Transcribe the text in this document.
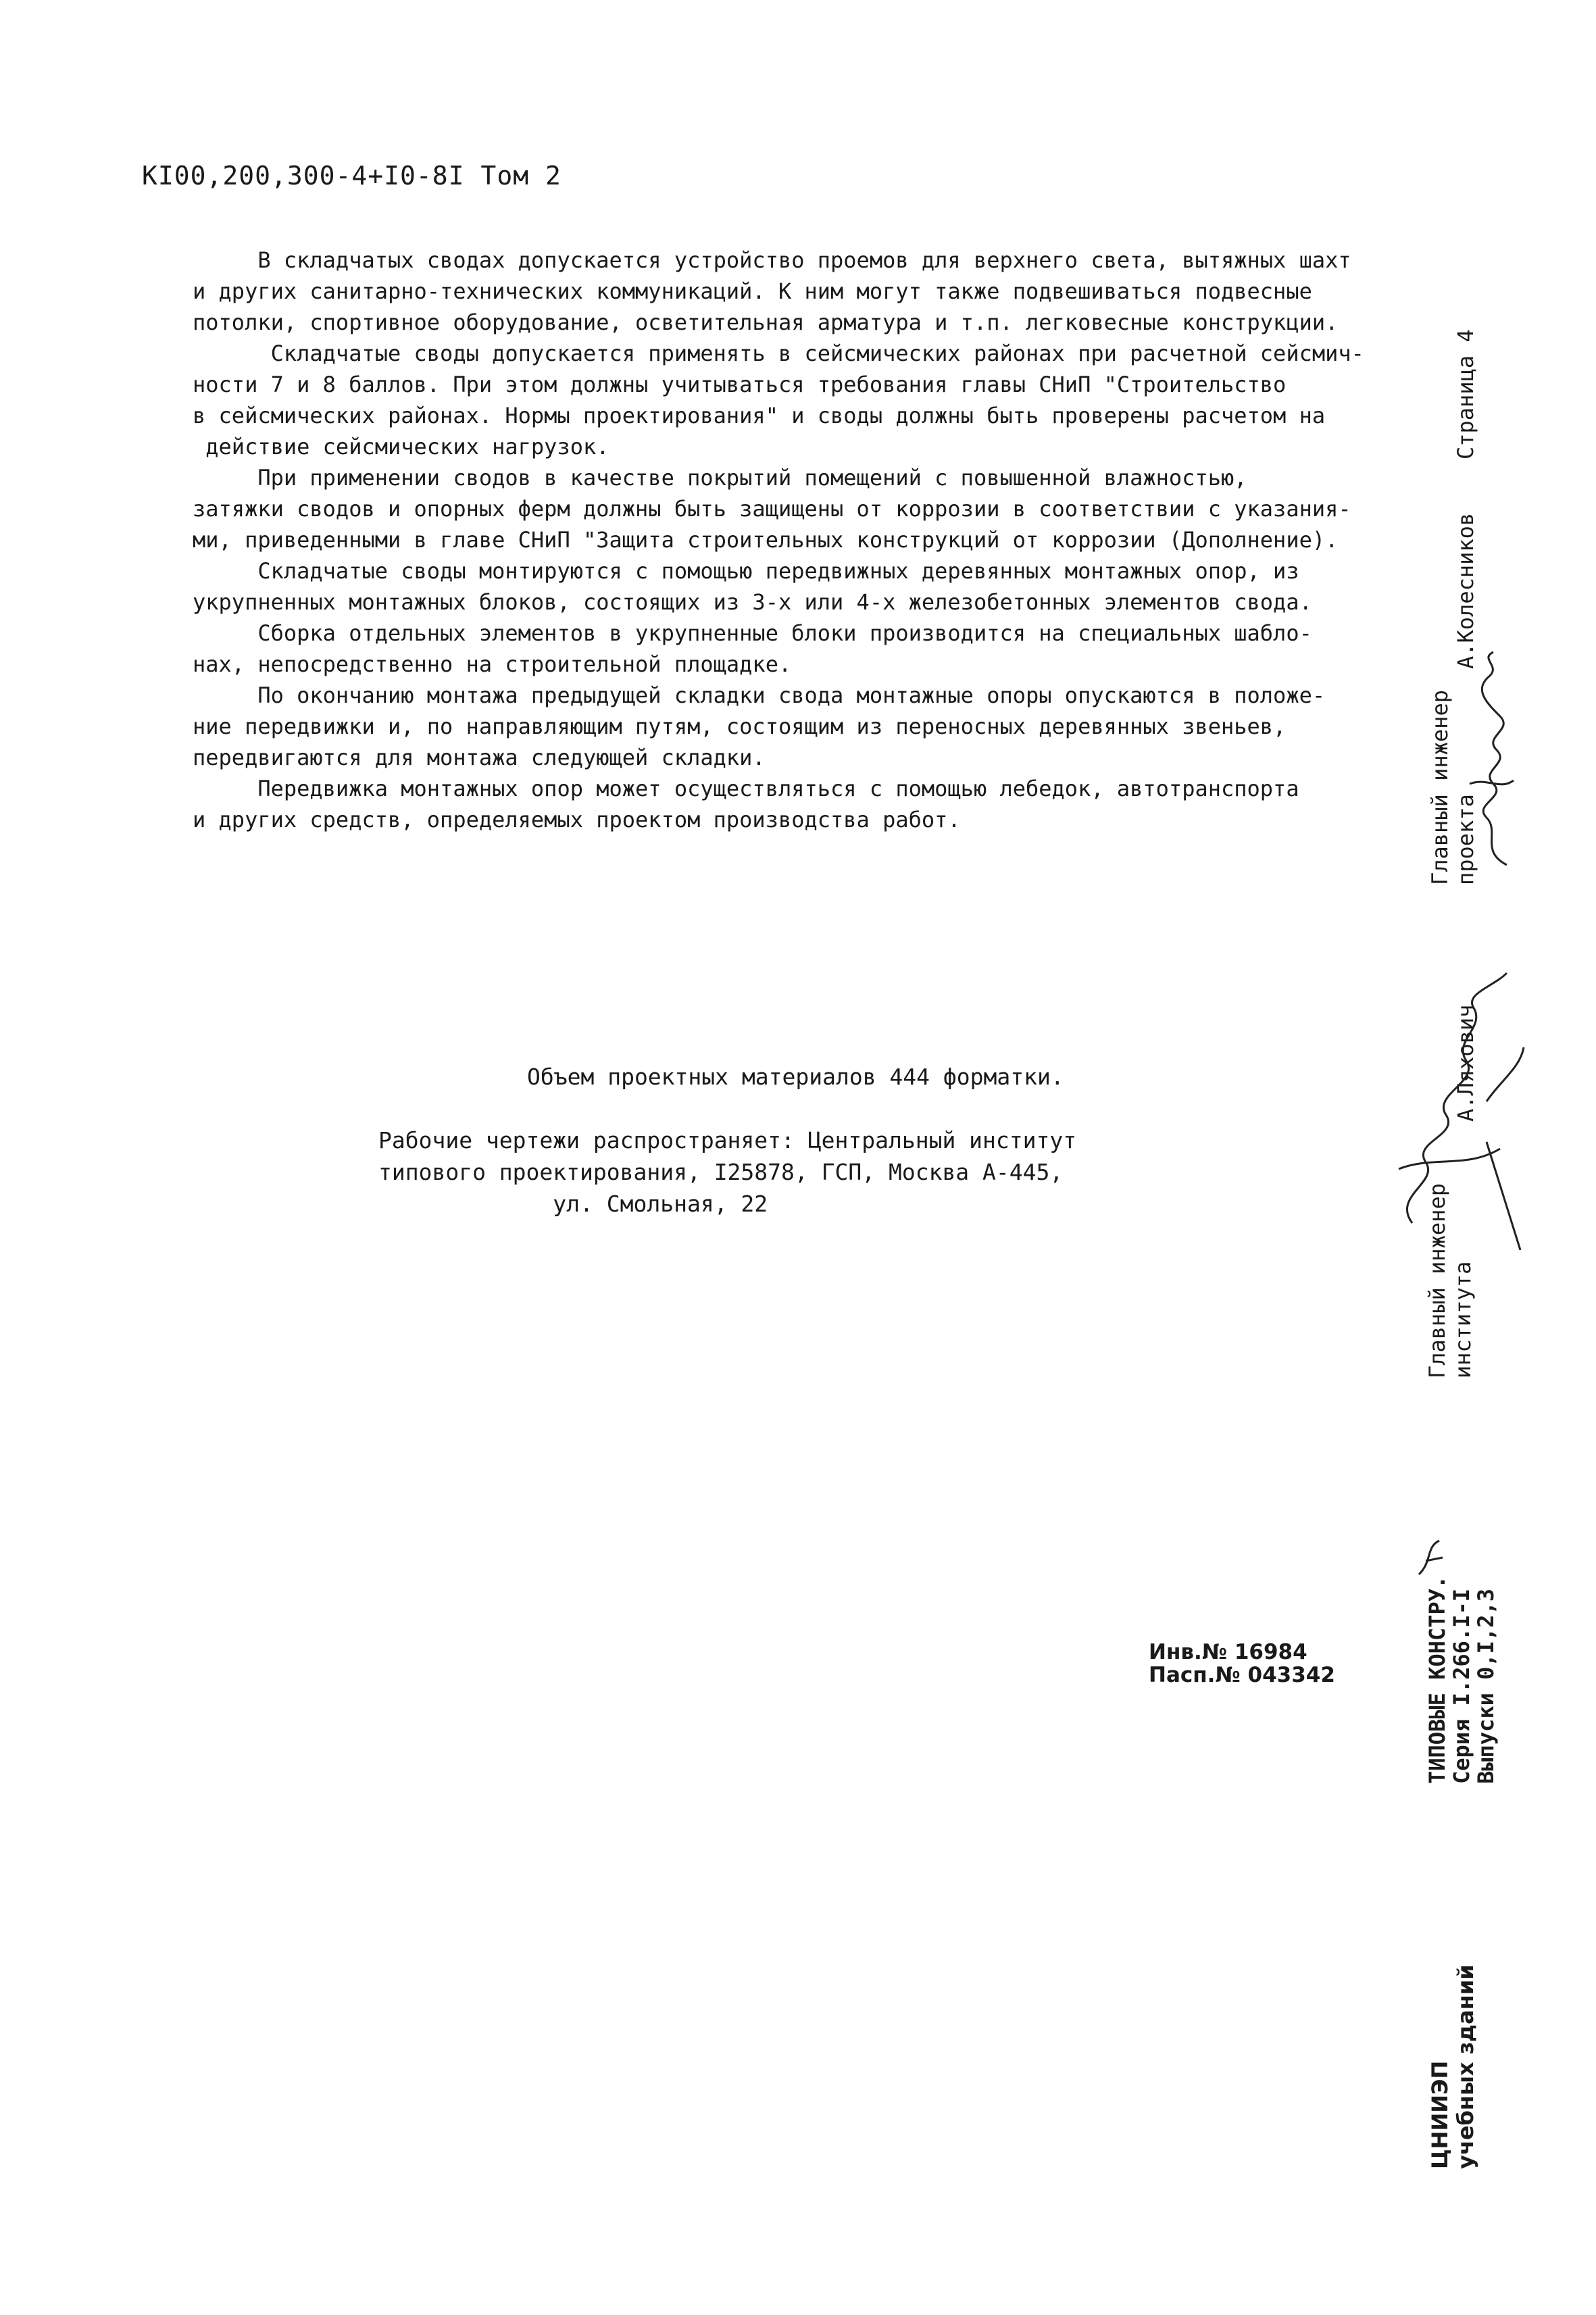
КI00,200,300-4+I0-8I Том 2

В складчатых сводах допускается устройство проемов для верхнего света, вытяжных шахт

и других санитарно-технических коммуникаций. К ним могут также подвешиваться подвесные

потолки, спортивное оборудование, осветительная арматура и т.п. легковесные конструкции.

Складчатые своды допускается применять в сейсмических районах при расчетной сейсмич-

ности 7 и 8 баллов. При этом должны учитываться требования главы СНиП "Строительство

в сейсмических районах. Нормы проектирования" и своды должны быть проверены расчетом на

действие сейсмических нагрузок.

При применении сводов в качестве покрытий помещений с повышенной влажностью,

затяжки сводов и опорных ферм должны быть защищены от коррозии в соответствии с указания-

ми, приведенными в главе СНиП "Защита строительных конструкций от коррозии (Дополнение).

Складчатые своды монтируются с помощью передвижных деревянных монтажных опор, из

укрупненных монтажных блоков, состоящих из 3-х или 4-х железобетонных элементов свода.

Сборка отдельных элементов в укрупненные блоки производится на специальных шабло-

нах, непосредственно на строительной площадке.

По окончанию монтажа предыдущей складки свода монтажные опоры опускаются в положе-

ние передвижки и, по направляющим путям, состоящим из переносных деревянных звеньев,

передвигаются для монтажа следующей складки.

Передвижка монтажных опор может осуществляться с помощью лебедок, автотранспорта

и других средств, определяемых проектом производства работ.

Объем проектных материалов 444 форматки.

Рабочие чертежи распространяет: Центральный институт

типового проектирования, I25878, ГСП, Москва А-445,

ул. Смольная, 22

Инв.№ 16984

Пасп.№ 043342

Страница 4
Главный инженер проекта
А.Колесников
Главный инженер института
А.Ляхович
ТИПОВЫЕ КОНСТРУ.
Серия I.266.I-I
Выпуски 0,I,2,3
ЦНИИЭП учебных зданий
